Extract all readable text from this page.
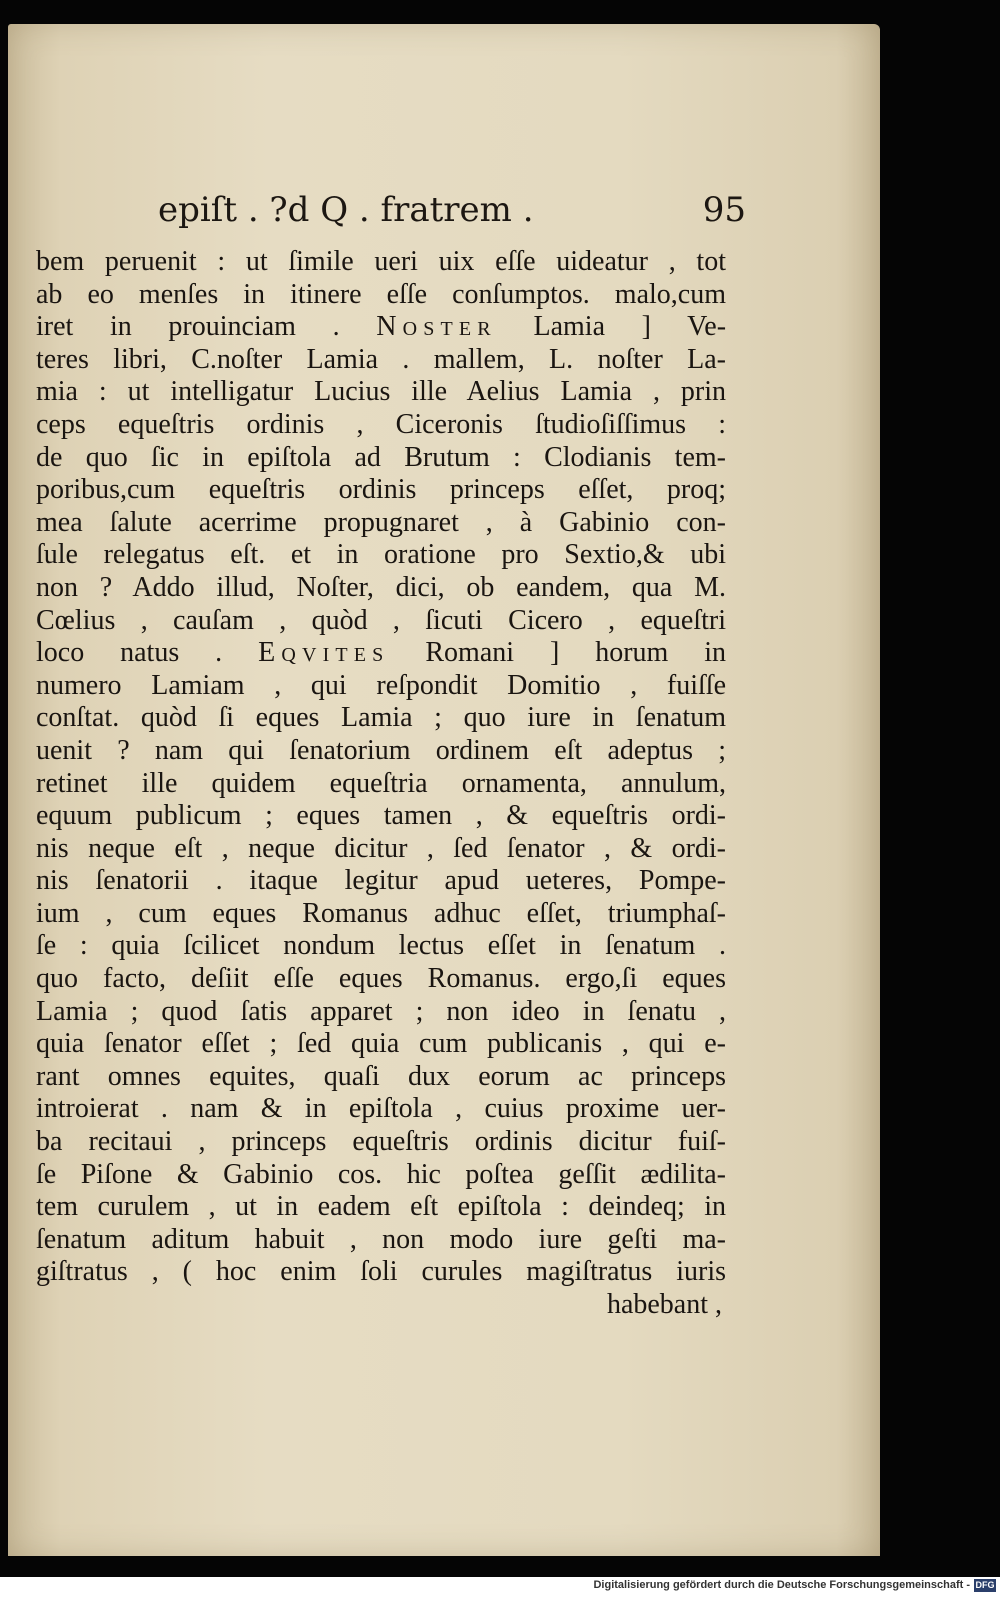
epiſt . ?d Q . fratrem .	95
bem peruenit : ut ſimile ueri uix eſſe uideatur , tot
ab eo menſes in itinere eſſe conſumptos. malo,cum
iret in prouinciam . Noster Lamia ] Ve-
teres libri, C.noſter Lamia . mallem, L. noſter La-
mia : ut intelligatur Lucius ille Aelius Lamia , prin
ceps equeſtris ordinis , Ciceronis ſtudioſiſſimus :
de quo ſic in epiſtola ad Brutum : Clodianis tem-
poribus,cum equeſtris ordinis princeps eſſet, proq;
mea ſalute acerrime propugnaret , à Gabinio con-
ſule relegatus eſt. et in oratione pro Sextio,& ubi
non ? Addo illud, Noſter, dici, ob eandem, qua M.
Cœlius , cauſam , quòd , ſicuti Cicero , equeſtri
loco natus . Eqvites Romani ] horum in
numero Lamiam , qui reſpondit Domitio , fuiſſe
conſtat. quòd ſi eques Lamia ; quo iure in ſenatum
uenit ? nam qui ſenatorium ordinem eſt adeptus ;
retinet ille quidem equeſtria ornamenta, annulum,
equum publicum ; eques tamen , & equeſtris ordi-
nis neque eſt , neque dicitur , ſed ſenator , & ordi-
nis ſenatorii . itaque legitur apud ueteres, Pompe-
ium , cum eques Romanus adhuc eſſet, triumphaſ-
ſe : quia ſcilicet nondum lectus eſſet in ſenatum .
quo facto, deſiit eſſe eques Romanus. ergo,ſi eques
Lamia ; quod ſatis apparet ; non ideo in ſenatu ,
quia ſenator eſſet ; ſed quia cum publicanis , qui e-
rant omnes equites, quaſi dux eorum ac princeps
introierat . nam & in epiſtola , cuius proxime uer-
ba recitaui , princeps equeſtris ordinis dicitur fuiſ-
ſe Piſone & Gabinio cos. hic poſtea geſſit ædilita-
tem curulem , ut in eadem eſt epiſtola : deindeq; in
ſenatum aditum habuit , non modo iure geſti ma-
giſtratus , ( hoc enim ſoli curules magiſtratus iuris
habebant ,
Digitalisierung gefördert durch die Deutsche Forschungsgemeinschaft - DFG
